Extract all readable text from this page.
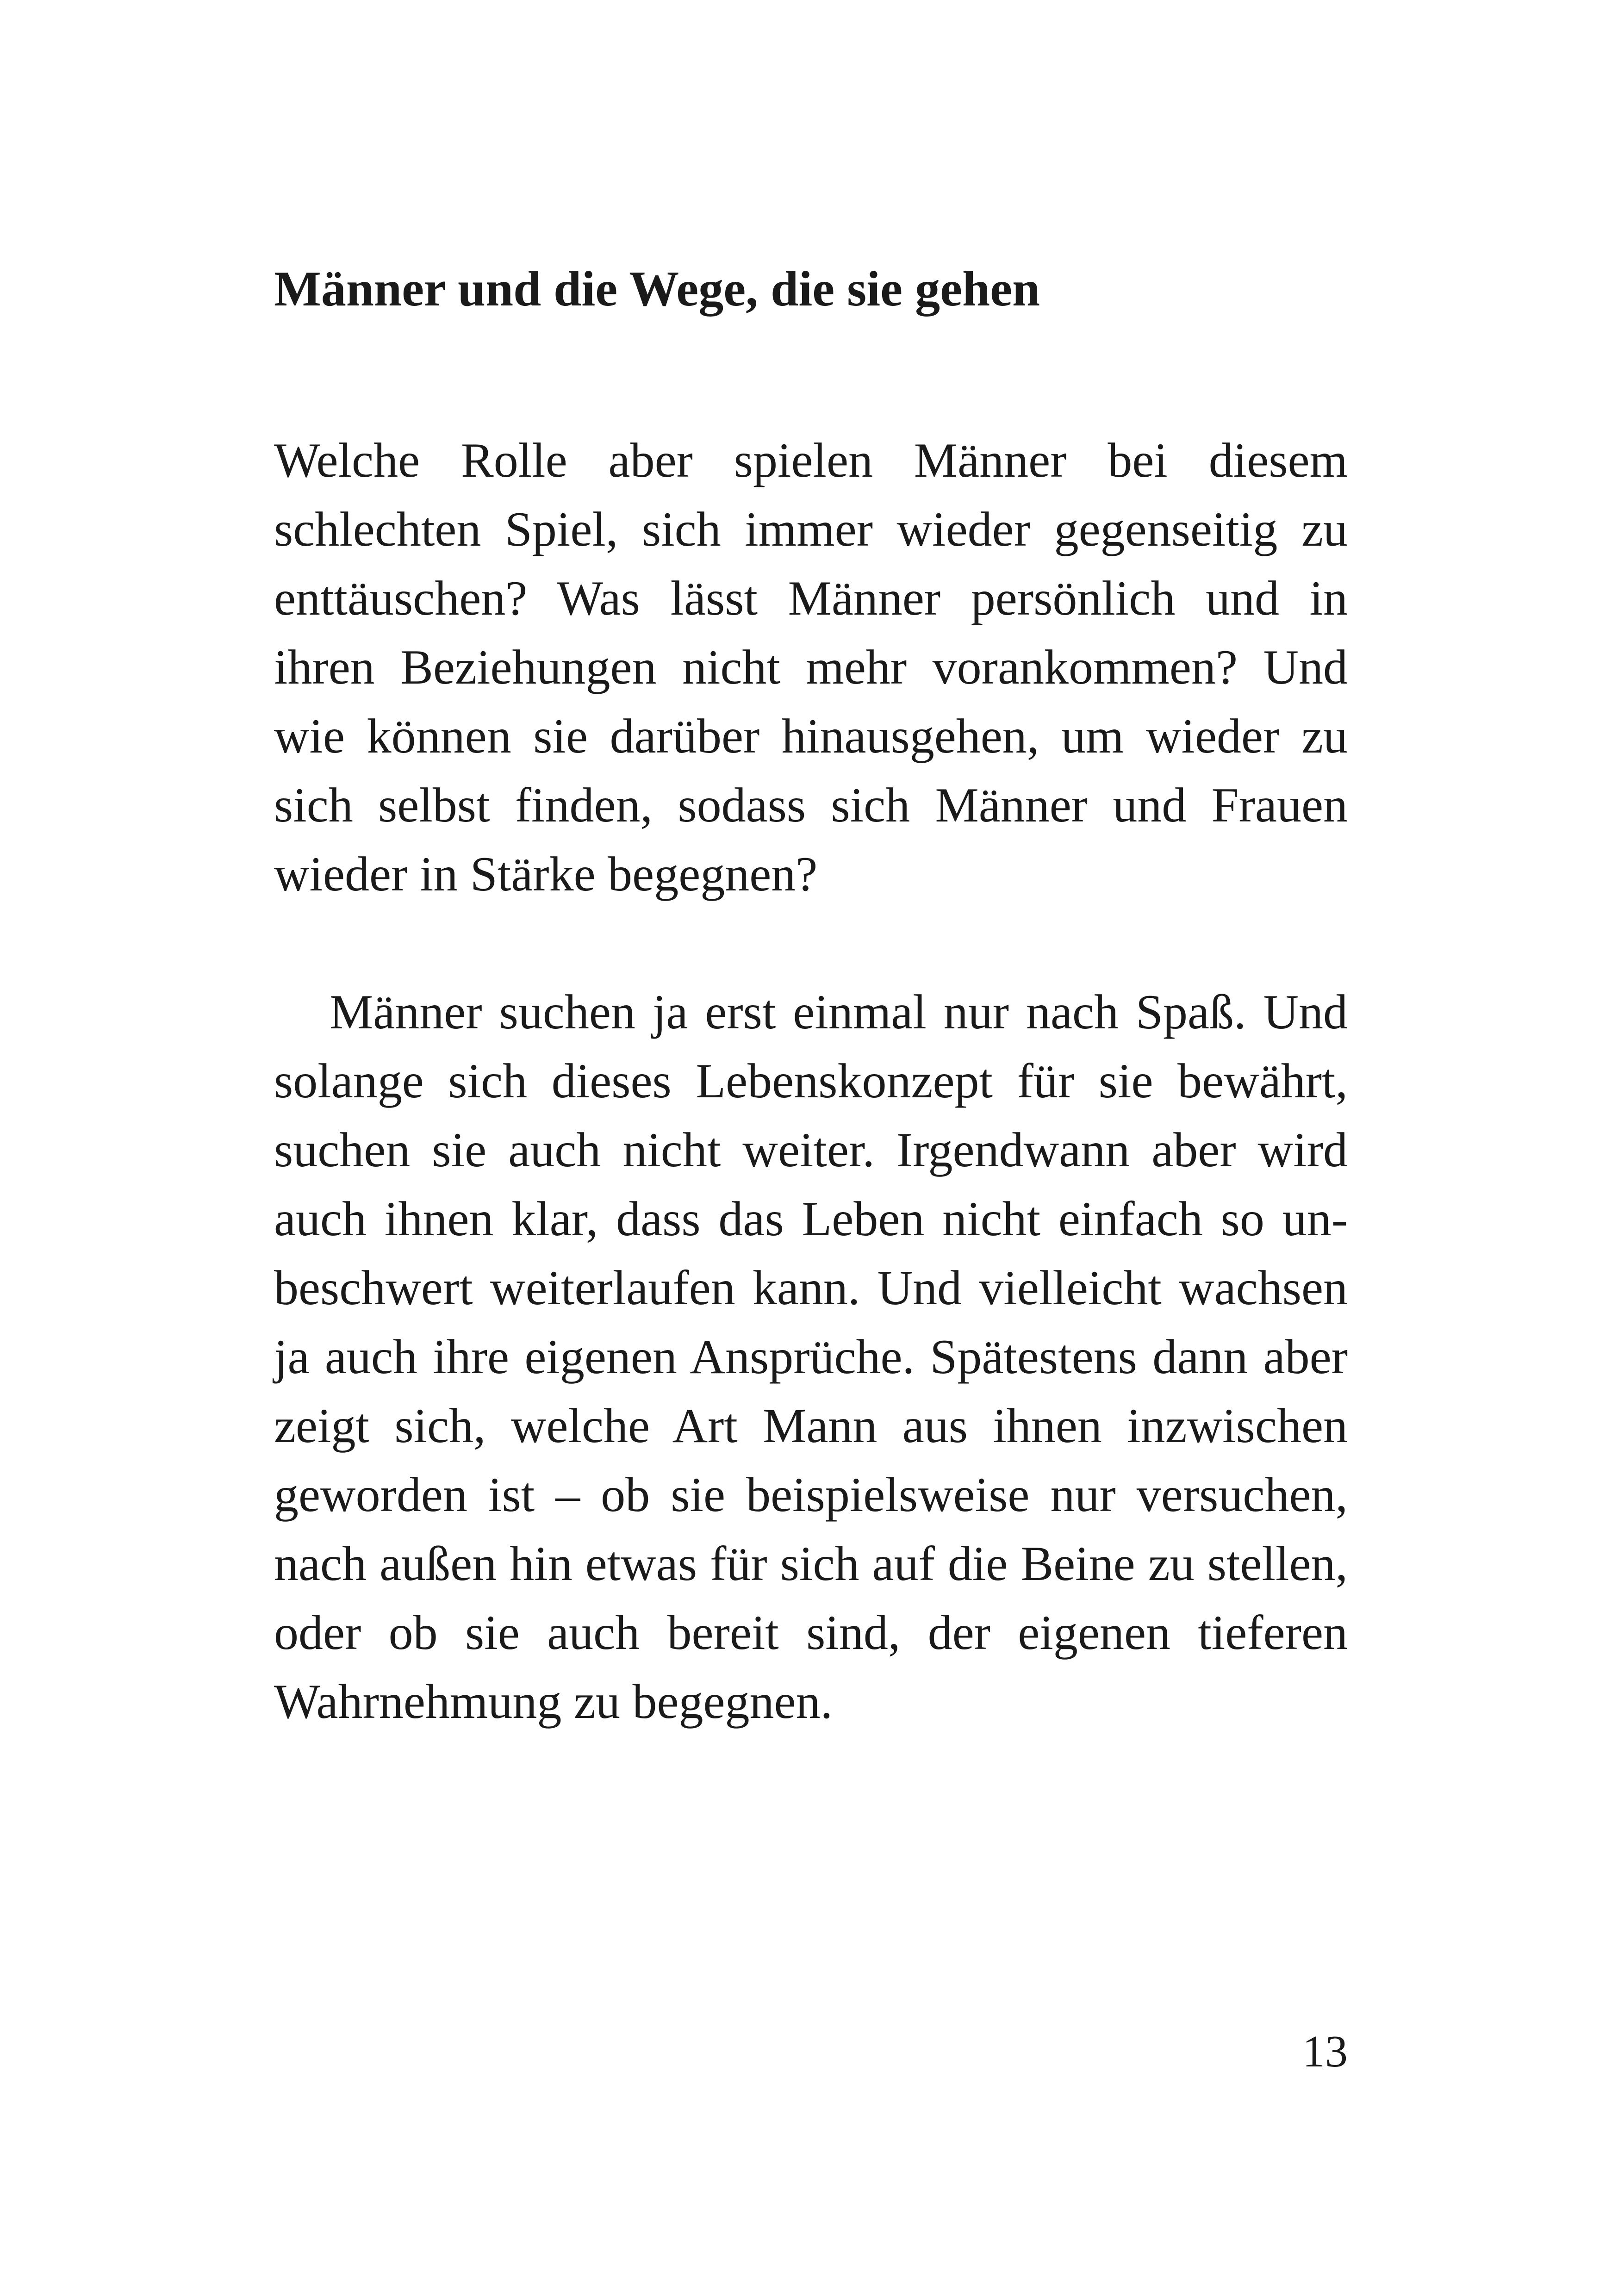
Männer und die Wege, die sie gehen

Welche Rolle aber spielen Männer bei diesem schlechten Spiel, sich immer wieder gegenseitig zu enttäuschen? Was lässt Männer persönlich und in ihren Beziehungen nicht mehr vorankommen? Und wie können sie darüber hinausgehen, um wieder zu sich selbst finden, sodass sich Männer und Frauen wieder in Stärke begegnen?

Männer suchen ja erst einmal nur nach Spaß. Und solange sich dieses Lebenskonzept für sie bewährt, suchen sie auch nicht weiter. Irgendwann aber wird auch ihnen klar, dass das Leben nicht einfach so unbeschwert weiterlaufen kann. Und vielleicht wachsen ja auch ihre eigenen Ansprüche. Spätestens dann aber zeigt sich, welche Art Mann aus ihnen inzwischen geworden ist – ob sie beispielsweise nur versuchen, nach außen hin etwas für sich auf die Beine zu stellen, oder ob sie auch bereit sind, der eigenen tieferen Wahrnehmung zu begegnen.

13
